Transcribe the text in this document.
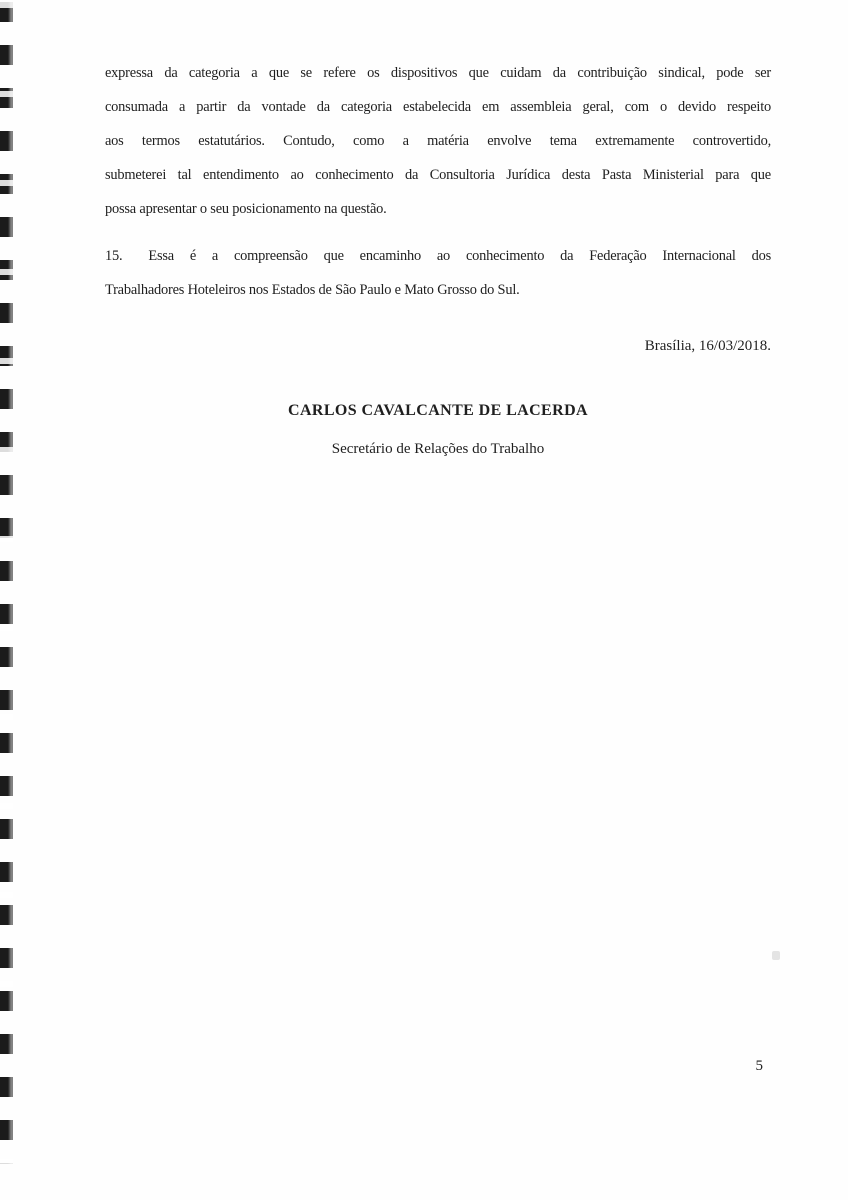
expressa da categoria a que se refere os dispositivos que cuidam da contribuição sindical, pode ser
consumada a partir da vontade da categoria estabelecida em assembleia geral, com o devido respeito
aos termos estatutários. Contudo, como a matéria envolve tema extremamente controvertido,
submeterei tal entendimento ao conhecimento da Consultoria Jurídica desta Pasta Ministerial para que
possa apresentar o seu posicionamento na questão.
15. Essa é a compreensão que encaminho ao conhecimento da Federação Internacional dos
Trabalhadores Hoteleiros nos Estados de São Paulo e Mato Grosso do Sul.
Brasília, 16/03/2018.
CARLOS CAVALCANTE DE LACERDA
Secretário de Relações do Trabalho
5
